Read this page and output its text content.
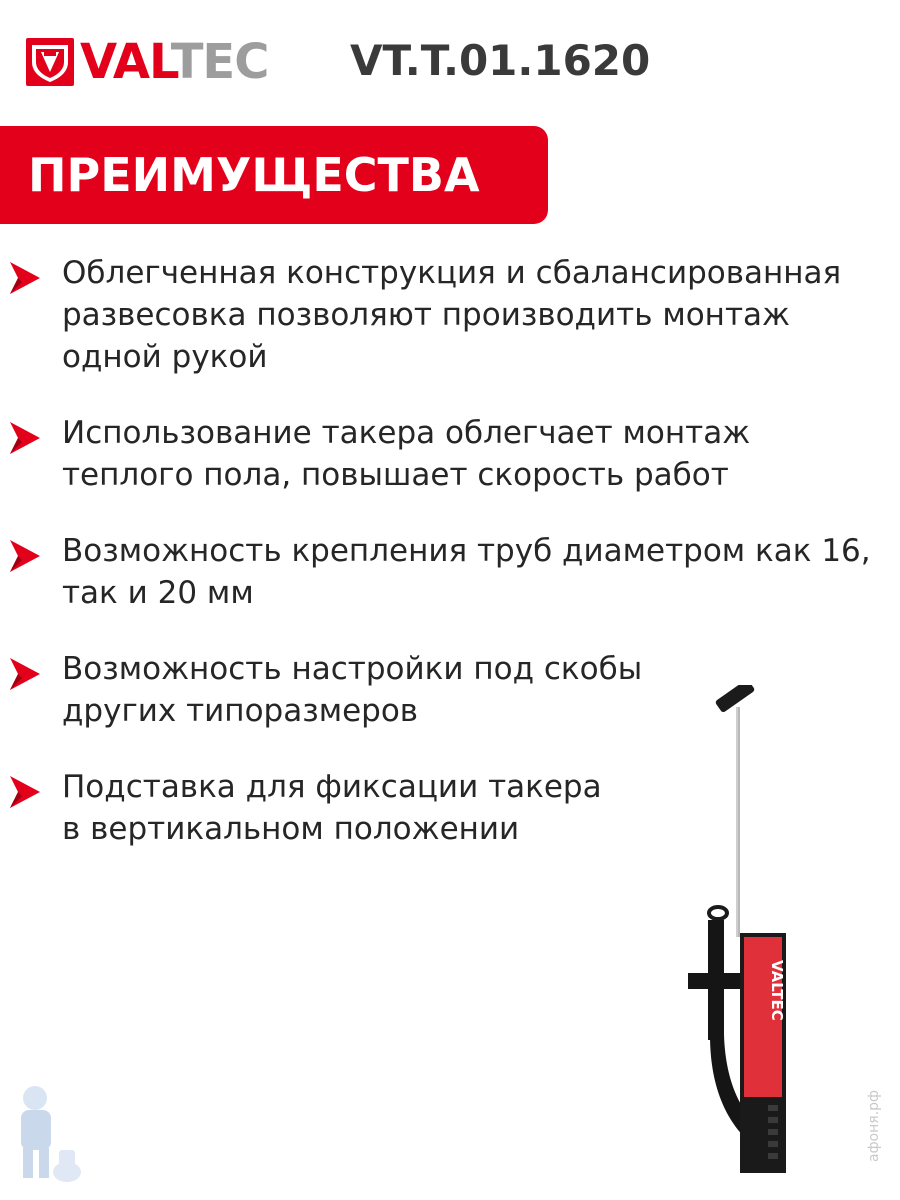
VALTEC VT.T.01.1620
ПРЕИМУЩЕСТВА
Облегченная конструкция и сбалансированная развесовка позволяют производить монтаж одной рукой
Использование такера облегчает монтаж теплого пола, повышает скорость работ
Возможность крепления труб диаметром как 16, так и 20 мм
Возможность настройки под скобы других типоразмеров
Подставка для фиксации такера в вертикальном положении
VALTEC
афоня.рф
